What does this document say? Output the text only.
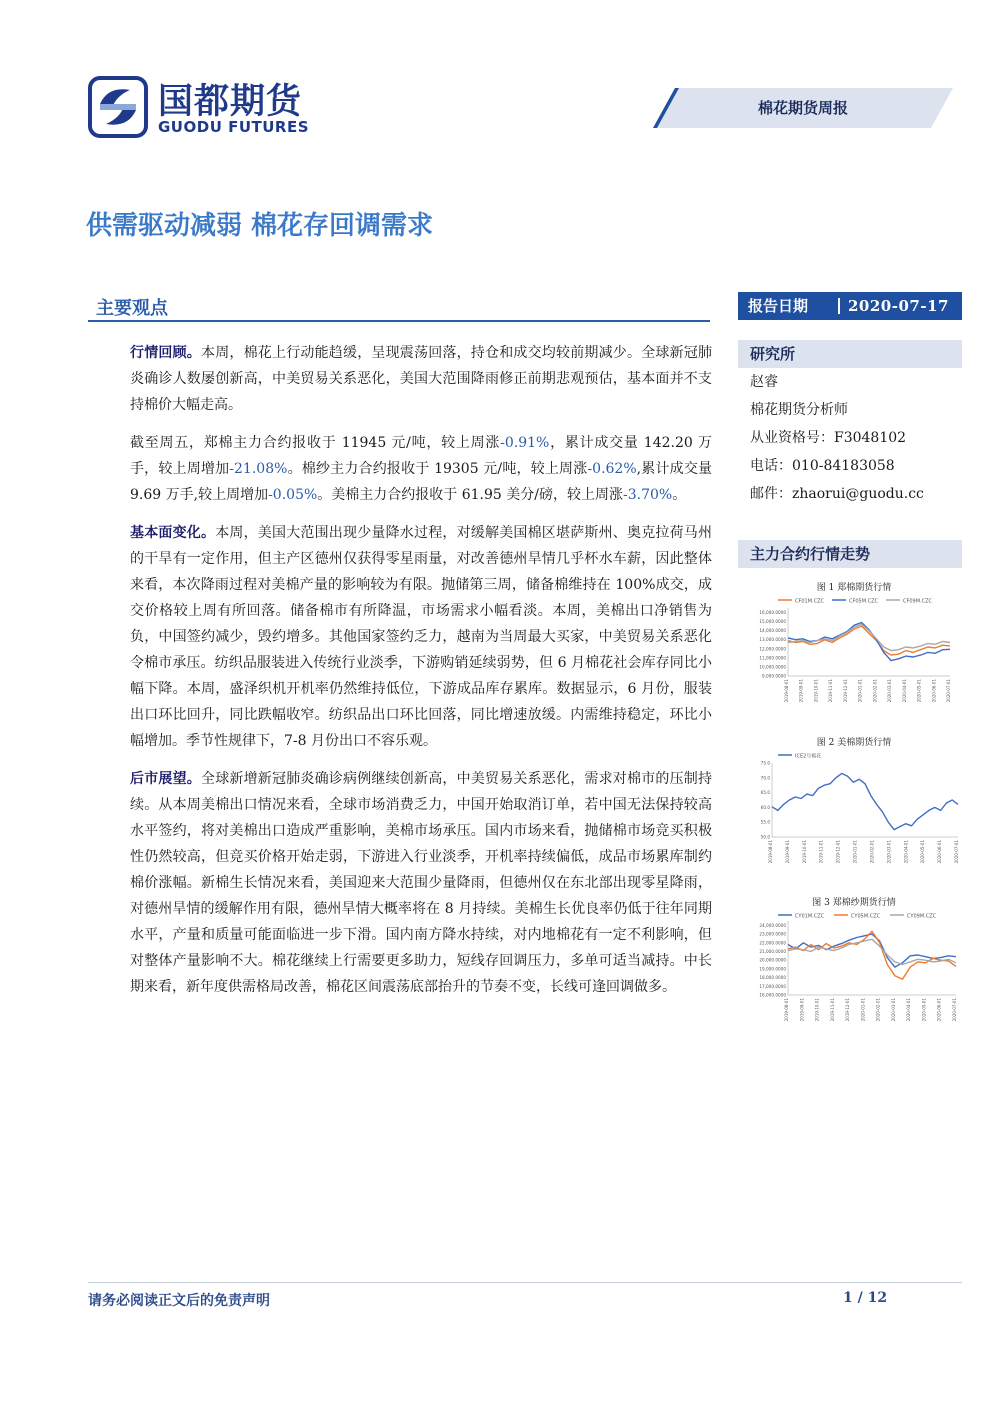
国都期货
GUODU FUTURES
棉花期货周报
供需驱动减弱 棉花存回调需求
主要观点

行情回顾。本周，棉花上行动能趋缓，呈现震荡回落，持仓和成交均较前期减少。全球新冠肺炎确诊人数屡创新高，中美贸易关系恶化，美国大范围降雨修正前期悲观预估，基本面并不支持棉价大幅走高。

截至周五，郑棉主力合约报收于 11945 元/吨，较上周涨-0.91%，累计成交量 142.20 万手，较上周增加-21.08%。棉纱主力合约报收于 19305 元/吨，较上周涨-0.62%,累计成交量 9.69 万手,较上周增加-0.05%。美棉主力合约报收于 61.95 美分/磅，较上周涨-3.70%。

基本面变化。本周，美国大范围出现少量降水过程，对缓解美国棉区堪萨斯州、奥克拉荷马州的干旱有一定作用，但主产区德州仅获得零星雨量，对改善德州旱情几乎杯水车薪，因此整体来看，本次降雨过程对美棉产量的影响较为有限。抛储第三周，储备棉维持在 100%成交，成交价格较上周有所回落。储备棉市有所降温，市场需求小幅看淡。本周，美棉出口净销售为负，中国签约减少，毁约增多。其他国家签约乏力，越南为当周最大买家，中美贸易关系恶化令棉市承压。纺织品服装进入传统行业淡季，下游购销延续弱势，但 6 月棉花社会库存同比小幅下降。本周，盛泽织机开机率仍然维持低位，下游成品库存累库。数据显示，6 月份，服装出口环比回升，同比跌幅收窄。纺织品出口环比回落，同比增速放缓。内需维持稳定，环比小幅增加。季节性规律下，7-8 月份出口不容乐观。

后市展望。全球新增新冠肺炎确诊病例继续创新高，中美贸易关系恶化，需求对棉市的压制持续。从本周美棉出口情况来看，全球市场消费乏力，中国开始取消订单，若中国无法保持较高水平签约，将对美棉出口造成严重影响，美棉市场承压。国内市场来看，抛储棉市场竞买积极性仍然较高，但竞买价格开始走弱，下游进入行业淡季，开机率持续偏低，成品市场累库制约棉价涨幅。新棉生长情况来看，美国迎来大范围少量降雨，但德州仅在东北部出现零星降雨，对德州旱情的缓解作用有限，德州旱情大概率将在 8 月持续。美棉生长优良率仍低于往年同期水平，产量和质量可能面临进一步下滑。国内南方降水持续，对内地棉花有一定不利影响，但对整体产量影响不大。棉花继续上行需要更多助力，短线存回调压力，多单可适当减持。中长期来看，新年度供需格局改善，棉花区间震荡底部抬升的节奏不变，长线可逢回调做多。

报告日期	2020-07-17
研究所
赵睿
棉花期货分析师
从业资格号：F3048102
电话：010-84183058
邮件：zhaorui@guodu.cc
主力合约行情走势
图 1 郑棉期货行情
CF01M.CZC	CF05M.CZC	CF09M.CZC
16,000.0000
15,000.0000
14,000.0000
13,000.0000
12,000.0000
11,000.0000
10,000.0000
9,000.0000
2019-08-01 2019-09-01 2019-10-01 2019-11-01 2019-12-01 2020-01-01 2020-02-01 2020-03-01 2020-04-01 2020-05-01 2020-06-01 2020-07-01
图 2 美棉期货行情
ICE2号棉花
75.0
70.0
65.0
60.0
55.0
50.0
2019-08-01	2019-09-01	2019-10-01	2019-11-01	2019-12-01	2020-01-01	2020-02-01	2020-03-01	2020-04-01	2020-05-01	2020-06-01	2020-07-01
图 3 郑棉纱期货行情
CY01M.CZC	CY05M.CZC	CY09M.CZC
24,000.0000
23,000.0000
22,000.0000
21,000.0000
20,000.0000
19,000.0000
18,000.0000
17,000.0000
16,000.0000
2019-08-01	2019-09-01	2019-10-01	2019-11-01	2019-12-01	2020-01-01	2020-02-01	2020-03-01	2020-04-01	2020-05-01	2020-06-01	2020-07-01
请务必阅读正文后的免责声明	1 / 12
